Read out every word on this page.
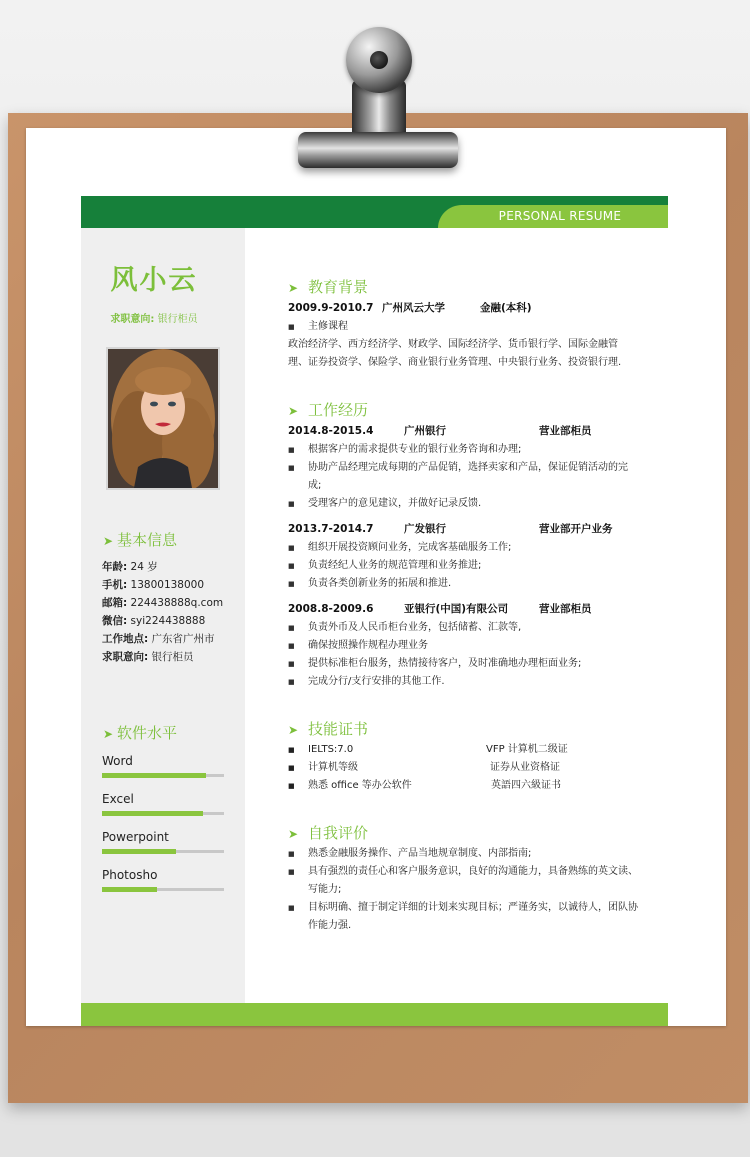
PERSONAL RESUME
风小云
求职意向: 银行柜员
➤ 基本信息
年龄: 24 岁
手机: 13800138000
邮箱: 224438888q.com
微信: syi224438888
工作地点: 广东省广州市
求职意向: 银行柜员
➤ 软件水平
Word
Excel
Powerpoint
Photosho
➤ 教育背景
2009.9-2010.7 广州风云大学	金融(本科)
■ 主修课程
政治经济学、西方经济学、财政学、国际经济学、货币银行学、国际金融管
理、证券投资学、保险学、商业银行业务管理、中央银行业务、投资银行理.
➤ 工作经历
2014.8-2015.4	广州银行	营业部柜员
■ 根据客户的需求提供专业的银行业务咨询和办理;
■ 协助产品经理完成每期的产品促销，选择卖家和产品，保证促销活动的完成;
■ 受理客户的意见建议，并做好记录反馈.
2013.7-2014.7	广发银行	营业部开户业务
■ 组织开展投资顾问业务，完成客基础服务工作;
■ 负责经纪人业务的规范管理和业务推进;
■ 负责各类创新业务的拓展和推进.
2008.8-2009.6	亚银行(中国)有限公司	营业部柜员
■ 负责外币及人民币柜台业务，包括储蓄、汇款等,
■ 确保按照操作规程办理业务
■ 提供标准柜台服务，热情接待客户，及时准确地办理柜面业务;
■ 完成分行/支行安排的其他工作.
➤ 技能证书
■ IELTS:7.0	VFP 计算机二级证
■ 计算机等级	证券从业资格证
■ 熟悉 office 等办公软件	英語四六級证书
➤ 自我评价
■ 熟悉金融服务操作、产品当地规章制度、内部指南;
■ 具有强烈的责任心和客户服务意识，良好的沟通能力，具备熟练的英文读、写能力;
■ 目标明确、擅于制定详细的计划来实现目标；严谨务实，以诚待人，团队协作能力强.
